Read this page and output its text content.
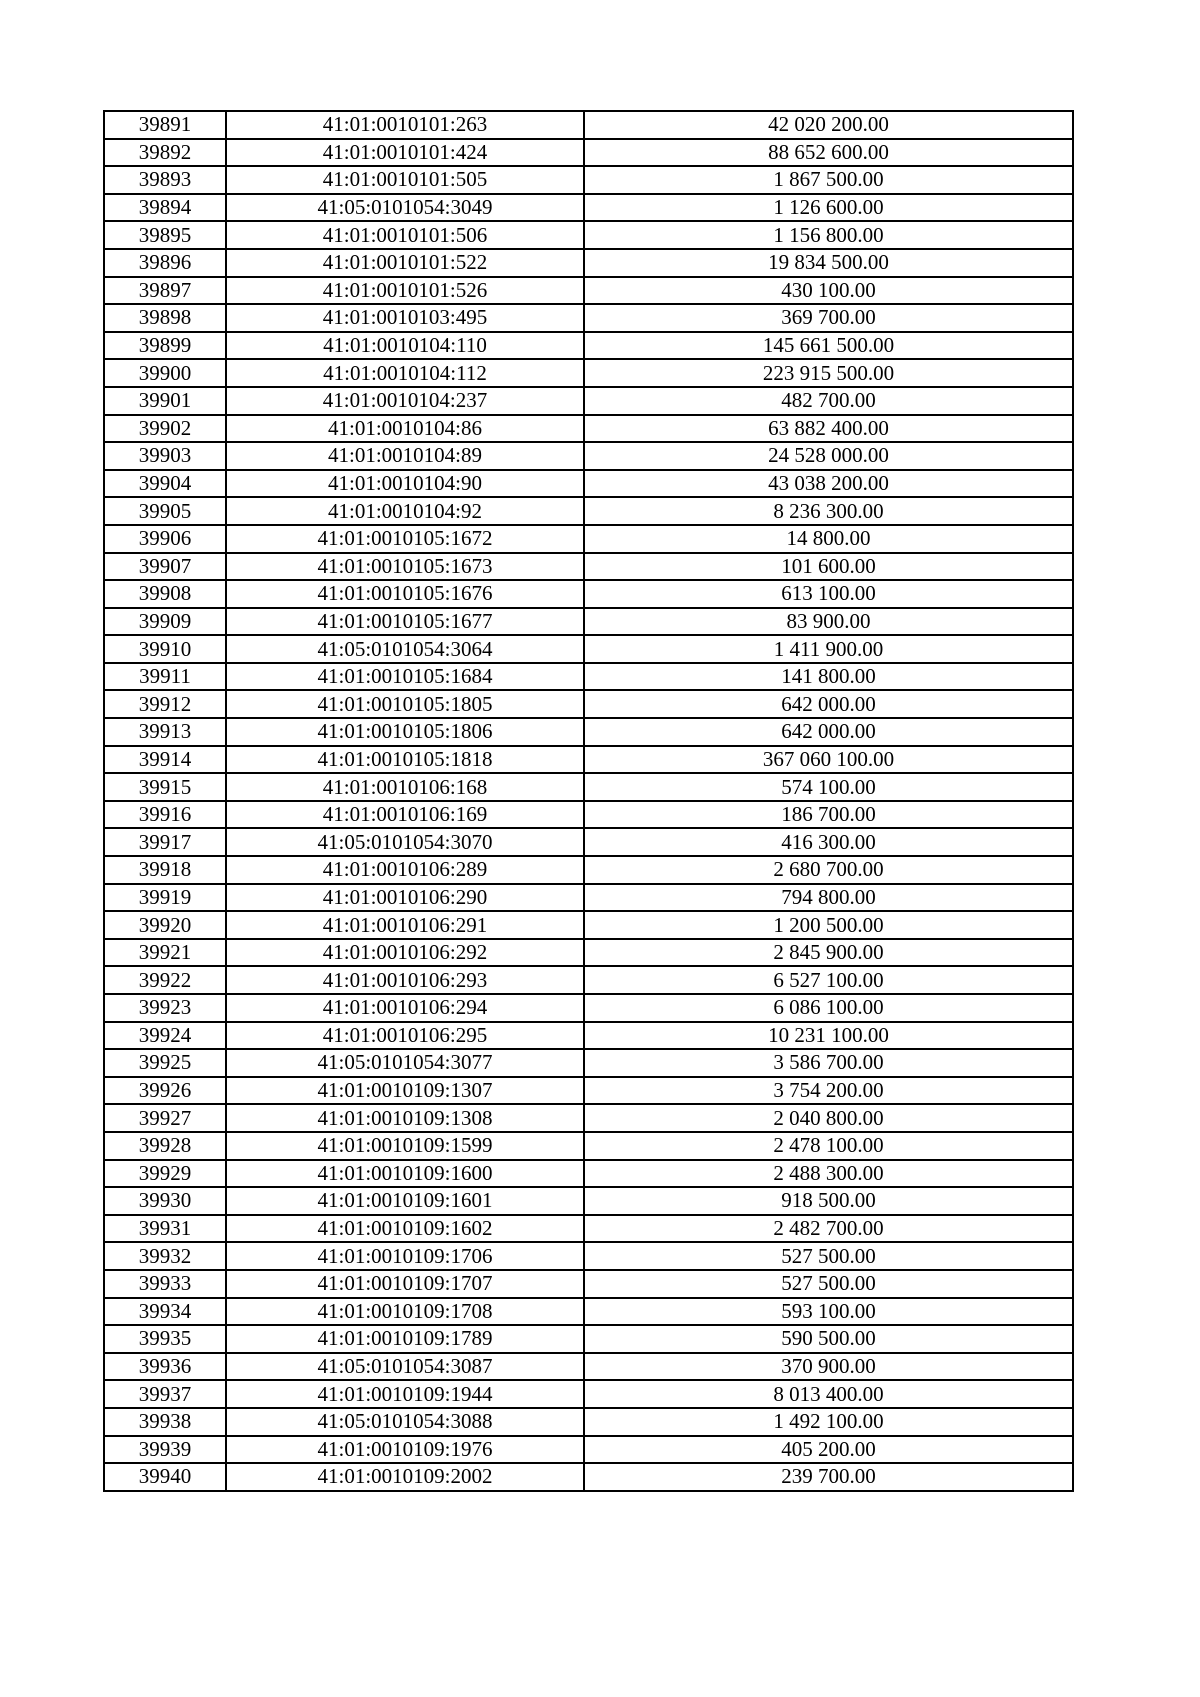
39891	41:01:0010101:263	42 020 200.00
39892	41:01:0010101:424	88 652 600.00
39893	41:01:0010101:505	1 867 500.00
39894	41:05:0101054:3049	1 126 600.00
39895	41:01:0010101:506	1 156 800.00
39896	41:01:0010101:522	19 834 500.00
39897	41:01:0010101:526	430 100.00
39898	41:01:0010103:495	369 700.00
39899	41:01:0010104:110	145 661 500.00
39900	41:01:0010104:112	223 915 500.00
39901	41:01:0010104:237	482 700.00
39902	41:01:0010104:86	63 882 400.00
39903	41:01:0010104:89	24 528 000.00
39904	41:01:0010104:90	43 038 200.00
39905	41:01:0010104:92	8 236 300.00
39906	41:01:0010105:1672	14 800.00
39907	41:01:0010105:1673	101 600.00
39908	41:01:0010105:1676	613 100.00
39909	41:01:0010105:1677	83 900.00
39910	41:05:0101054:3064	1 411 900.00
39911	41:01:0010105:1684	141 800.00
39912	41:01:0010105:1805	642 000.00
39913	41:01:0010105:1806	642 000.00
39914	41:01:0010105:1818	367 060 100.00
39915	41:01:0010106:168	574 100.00
39916	41:01:0010106:169	186 700.00
39917	41:05:0101054:3070	416 300.00
39918	41:01:0010106:289	2 680 700.00
39919	41:01:0010106:290	794 800.00
39920	41:01:0010106:291	1 200 500.00
39921	41:01:0010106:292	2 845 900.00
39922	41:01:0010106:293	6 527 100.00
39923	41:01:0010106:294	6 086 100.00
39924	41:01:0010106:295	10 231 100.00
39925	41:05:0101054:3077	3 586 700.00
39926	41:01:0010109:1307	3 754 200.00
39927	41:01:0010109:1308	2 040 800.00
39928	41:01:0010109:1599	2 478 100.00
39929	41:01:0010109:1600	2 488 300.00
39930	41:01:0010109:1601	918 500.00
39931	41:01:0010109:1602	2 482 700.00
39932	41:01:0010109:1706	527 500.00
39933	41:01:0010109:1707	527 500.00
39934	41:01:0010109:1708	593 100.00
39935	41:01:0010109:1789	590 500.00
39936	41:05:0101054:3087	370 900.00
39937	41:01:0010109:1944	8 013 400.00
39938	41:05:0101054:3088	1 492 100.00
39939	41:01:0010109:1976	405 200.00
39940	41:01:0010109:2002	239 700.00
